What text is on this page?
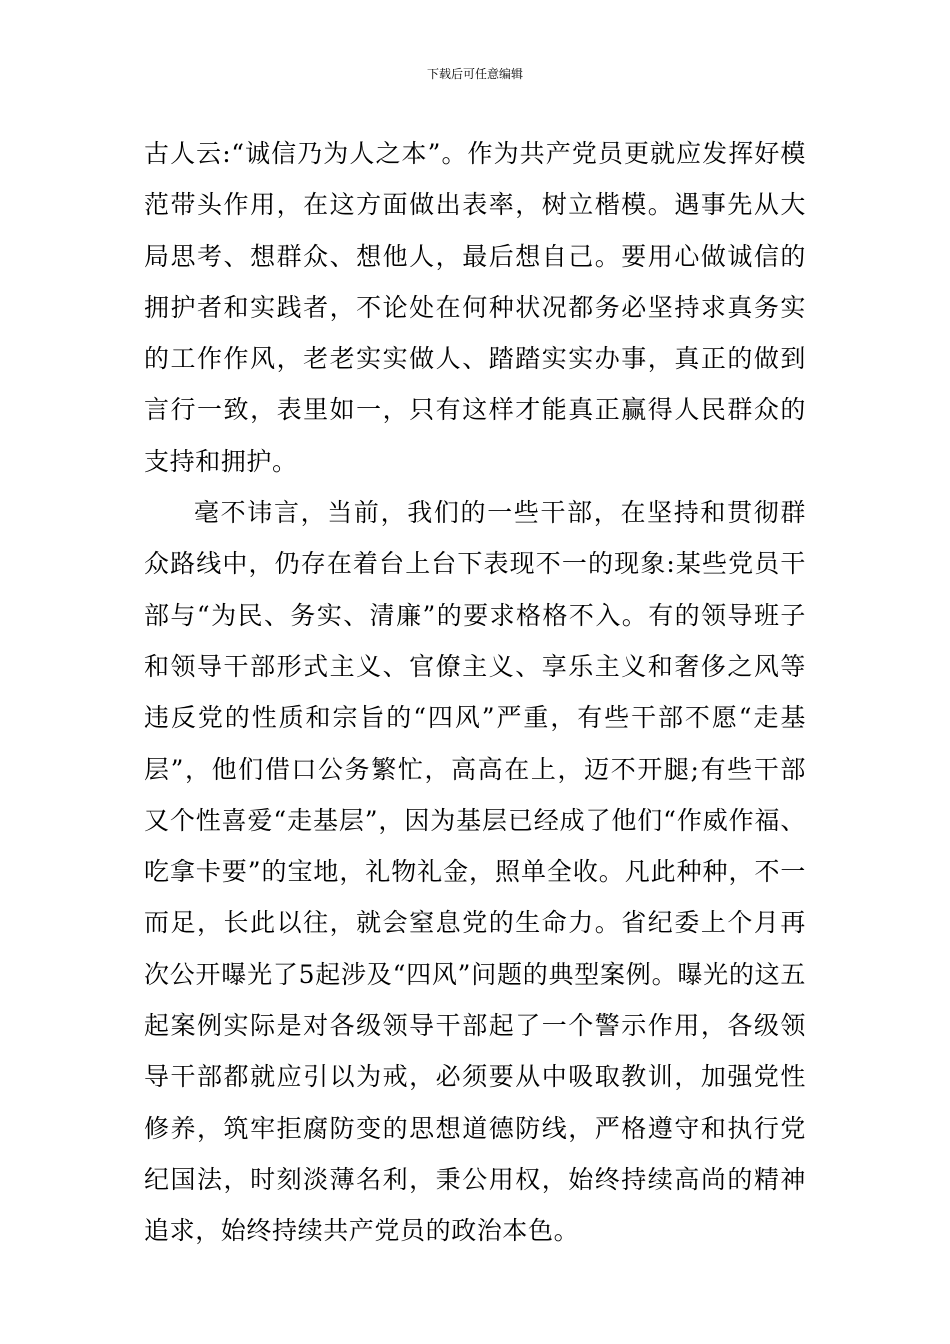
下载后可任意编辑

古人云:“诚信乃为人之本”。作为共产党员更就应发挥好模范带头作用，在这方面做出表率，树立楷模。遇事先从大局思考、想群众、想他人，最后想自己。要用心做诚信的拥护者和实践者，不论处在何种状况都务必坚持求真务实的工作作风，老老实实做人、踏踏实实办事，真正的做到言行一致，表里如一，只有这样才能真正赢得人民群众的支持和拥护。

毫不讳言，当前，我们的一些干部，在坚持和贯彻群众路线中，仍存在着台上台下表现不一的现象:某些党员干部与“为民、务实、清廉”的要求格格不入。有的领导班子和领导干部形式主义、官僚主义、享乐主义和奢侈之风等违反党的性质和宗旨的“四风”严重，有些干部不愿“走基层”，他们借口公务繁忙，高高在上，迈不开腿;有些干部又个性喜爱“走基层”，因为基层已经成了他们“作威作福、吃拿卡要”的宝地，礼物礼金，照单全收。凡此种种，不一而足，长此以往，就会窒息党的生命力。省纪委上个月再次公开曝光了5起涉及“四风”问题的典型案例。曝光的这五起案例实际是对各级领导干部起了一个警示作用，各级领导干部都就应引以为戒，必须要从中吸取教训，加强党性修养，筑牢拒腐防变的思想道德防线，严格遵守和执行党纪国法，时刻淡薄名利，秉公用权，始终持续高尚的精神追求，始终持续共产党员的政治本色。
